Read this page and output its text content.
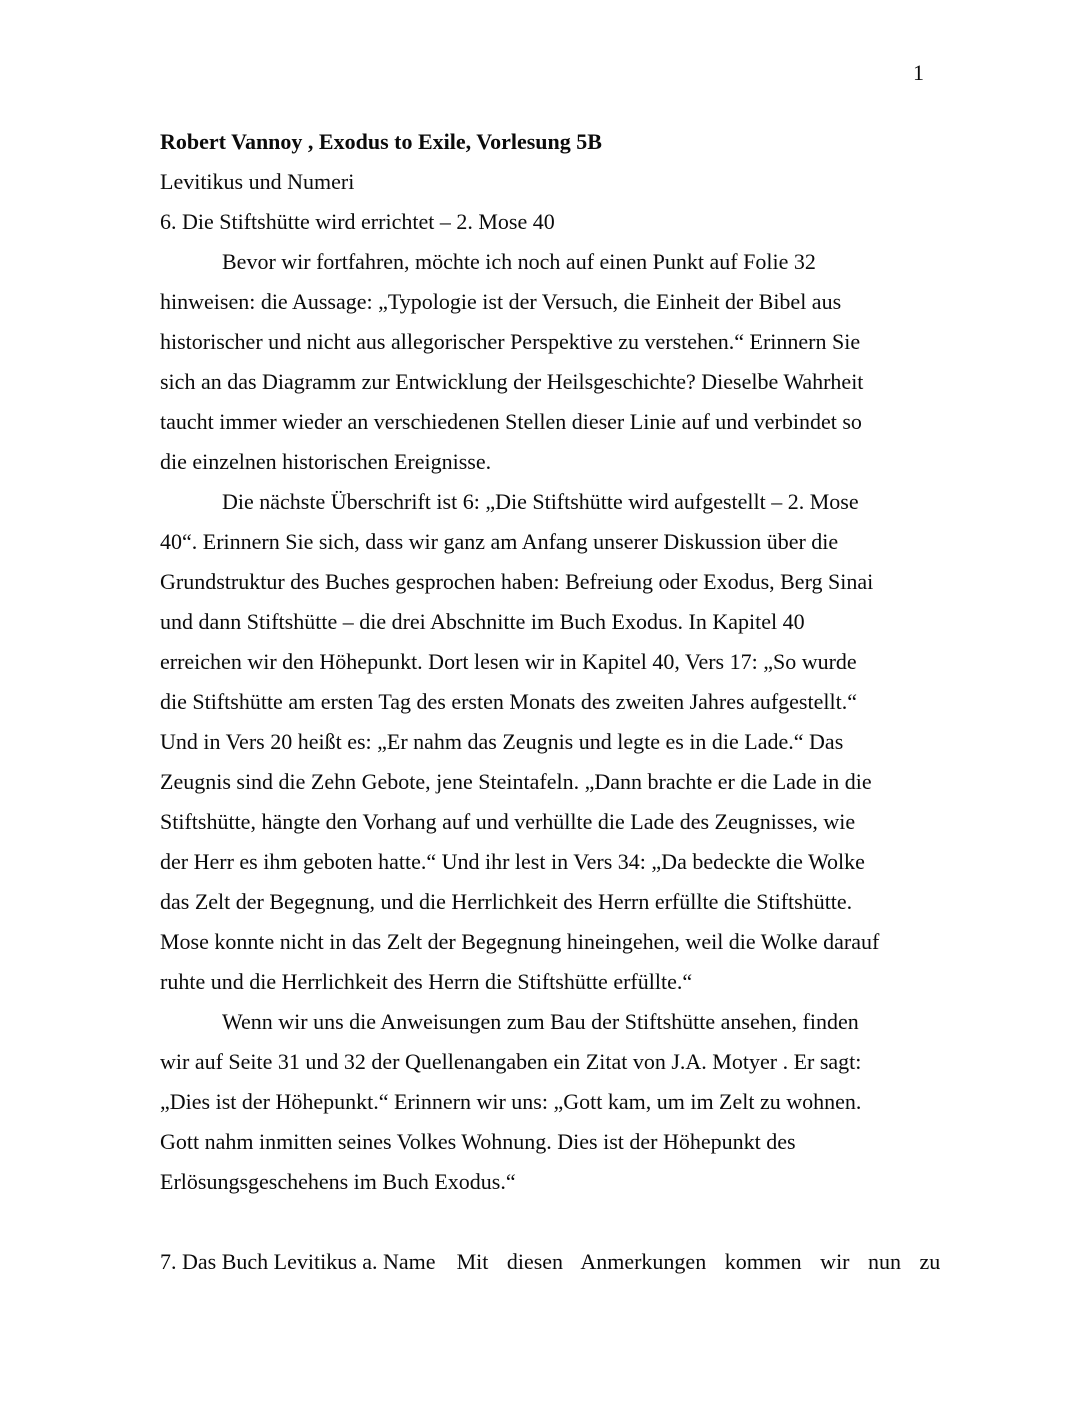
1
Robert Vannoy , Exodus to Exile, Vorlesung 5B
Levitikus und Numeri
6. Die Stiftshütte wird errichtet – 2. Mose 40
Bevor wir fortfahren, möchte ich noch auf einen Punkt auf Folie 32
hinweisen: die Aussage: „Typologie ist der Versuch, die Einheit der Bibel aus
historischer und nicht aus allegorischer Perspektive zu verstehen.“ Erinnern Sie
sich an das Diagramm zur Entwicklung der Heilsgeschichte? Dieselbe Wahrheit
taucht immer wieder an verschiedenen Stellen dieser Linie auf und verbindet so
die einzelnen historischen Ereignisse.
Die nächste Überschrift ist 6: „Die Stiftshütte wird aufgestellt – 2. Mose
40“. Erinnern Sie sich, dass wir ganz am Anfang unserer Diskussion über die
Grundstruktur des Buches gesprochen haben: Befreiung oder Exodus, Berg Sinai
und dann Stiftshütte – die drei Abschnitte im Buch Exodus. In Kapitel 40
erreichen wir den Höhepunkt. Dort lesen wir in Kapitel 40, Vers 17: „So wurde
die Stiftshütte am ersten Tag des ersten Monats des zweiten Jahres aufgestellt.“
Und in Vers 20 heißt es: „Er nahm das Zeugnis und legte es in die Lade.“ Das
Zeugnis sind die Zehn Gebote, jene Steintafeln. „Dann brachte er die Lade in die
Stiftshütte, hängte den Vorhang auf und verhüllte die Lade des Zeugnisses, wie
der Herr es ihm geboten hatte.“ Und ihr lest in Vers 34: „Da bedeckte die Wolke
das Zelt der Begegnung, und die Herrlichkeit des Herrn erfüllte die Stiftshütte.
Mose konnte nicht in das Zelt der Begegnung hineingehen, weil die Wolke darauf
ruhte und die Herrlichkeit des Herrn die Stiftshütte erfüllte.“
Wenn wir uns die Anweisungen zum Bau der Stiftshütte ansehen, finden
wir auf Seite 31 und 32 der Quellenangaben ein Zitat von J.A. Motyer . Er sagt:
„Dies ist der Höhepunkt.“ Erinnern wir uns: „Gott kam, um im Zelt zu wohnen.
Gott nahm inmitten seines Volkes Wohnung. Dies ist der Höhepunkt des
Erlösungsgeschehens im Buch Exodus.“
7. Das Buch Levitikus a. Name Mit diesen Anmerkungen kommen wir nun zu
